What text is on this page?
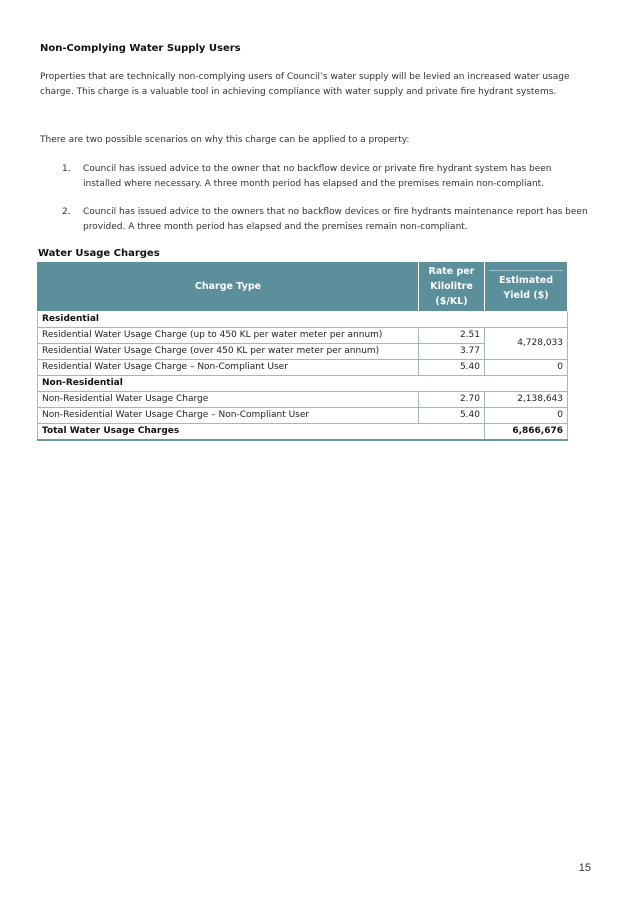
Non-Complying Water Supply Users
Properties that are technically non-complying users of Council’s water supply will be levied an increased water usage charge. This charge is a valuable tool in achieving compliance with water supply and private fire hydrant systems.
There are two possible scenarios on why this charge can be applied to a property:
1. Council has issued advice to the owner that no backflow device or private fire hydrant system has been installed where necessary. A three month period has elapsed and the premises remain non-compliant.
2. Council has issued advice to the owners that no backflow devices or fire hydrants maintenance report has been provided. A three month period has elapsed and the premises remain non-compliant.
Water Usage Charges
Charge Type	Rate per Kilolitre ($/KL)	Estimated Yield ($)
Residential		
Residential Water Usage Charge (up to 450 KL per water meter per annum)	2.51	4,728,033
Residential Water Usage Charge (over 450 KL per water meter per annum)	3.77	
Residential Water Usage Charge – Non-Compliant User	5.40	0
Non-Residential		
Non-Residential Water Usage Charge	2.70	2,138,643
Non-Residential Water Usage Charge – Non-Compliant User	5.40	0
Total Water Usage Charges		6,866,676
15
